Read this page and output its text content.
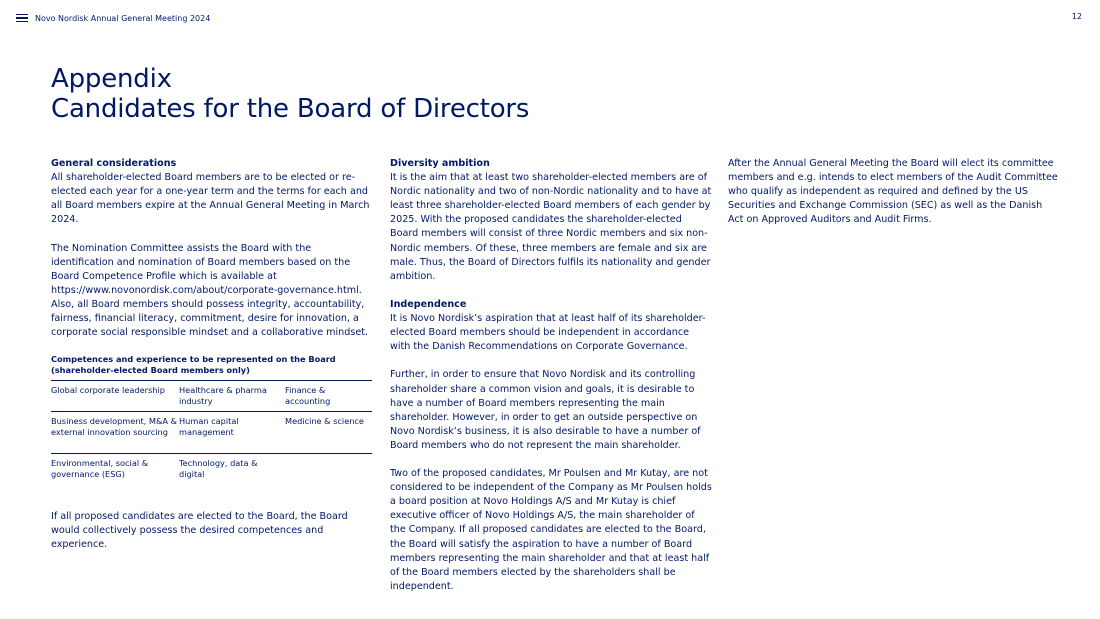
Novo Nordisk Annual General Meeting 2024	12
Appendix
Candidates for the Board of Directors

General considerations

All shareholder-elected Board members are to be elected or re-elected each year for a one-year term and the terms for each and all Board members expire at the Annual General Meeting in March 2024.

The Nomination Committee assists the Board with the identification and nomination of Board members based on the Board Competence Profile which is available at https://www.novonordisk.com/about/corporate-governance.html. Also, all Board members should possess integrity, accountability, fairness, financial literacy, commitment, desire for innovation, a corporate social responsible mindset and a collaborative mindset.

Competences and experience to be represented on the Board (shareholder-elected Board members only)
Global corporate leadership	Healthcare & pharma industry
Finance & accounting
Business development, M&A & external innovation sourcing
Human capital management
Medicine & science
Environmental, social & governance (ESG)
Technology, data & digital

If all proposed candidates are elected to the Board, the Board would collectively possess the desired competences and experience.

Diversity ambition

It is the aim that at least two shareholder-elected members are of Nordic nationality and two of non-Nordic nationality and to have at least three shareholder-elected Board members of each gender by 2025. With the proposed candidates the shareholder-elected Board members will consist of three Nordic members and six non-Nordic members. Of these, three members are female and six are male. Thus, the Board of Directors fulfils its nationality and gender ambition.

Independence

It is Novo Nordisk’s aspiration that at least half of its shareholder-elected Board members should be independent in accordance with the Danish Recommendations on Corporate Governance.

Further, in order to ensure that Novo Nordisk and its controlling shareholder share a common vision and goals, it is desirable to have a number of Board members representing the main shareholder. However, in order to get an outside perspective on Novo Nordisk’s business, it is also desirable to have a number of Board members who do not represent the main shareholder.

Two of the proposed candidates, Mr Poulsen and Mr Kutay, are not considered to be independent of the Company as Mr Poulsen holds a board position at Novo Holdings A/S and Mr Kutay is chief executive officer of Novo Holdings A/S, the main shareholder of the Company. If all proposed candidates are elected to the Board, the Board will satisfy the aspiration to have a number of Board members representing the main shareholder and that at least half of the Board members elected by the shareholders shall be independent.

After the Annual General Meeting the Board will elect its committee members and e.g. intends to elect members of the Audit Committee who qualify as independent as required and defined by the US Securities and Exchange Commission (SEC) as well as the Danish Act on Approved Auditors and Audit Firms.
